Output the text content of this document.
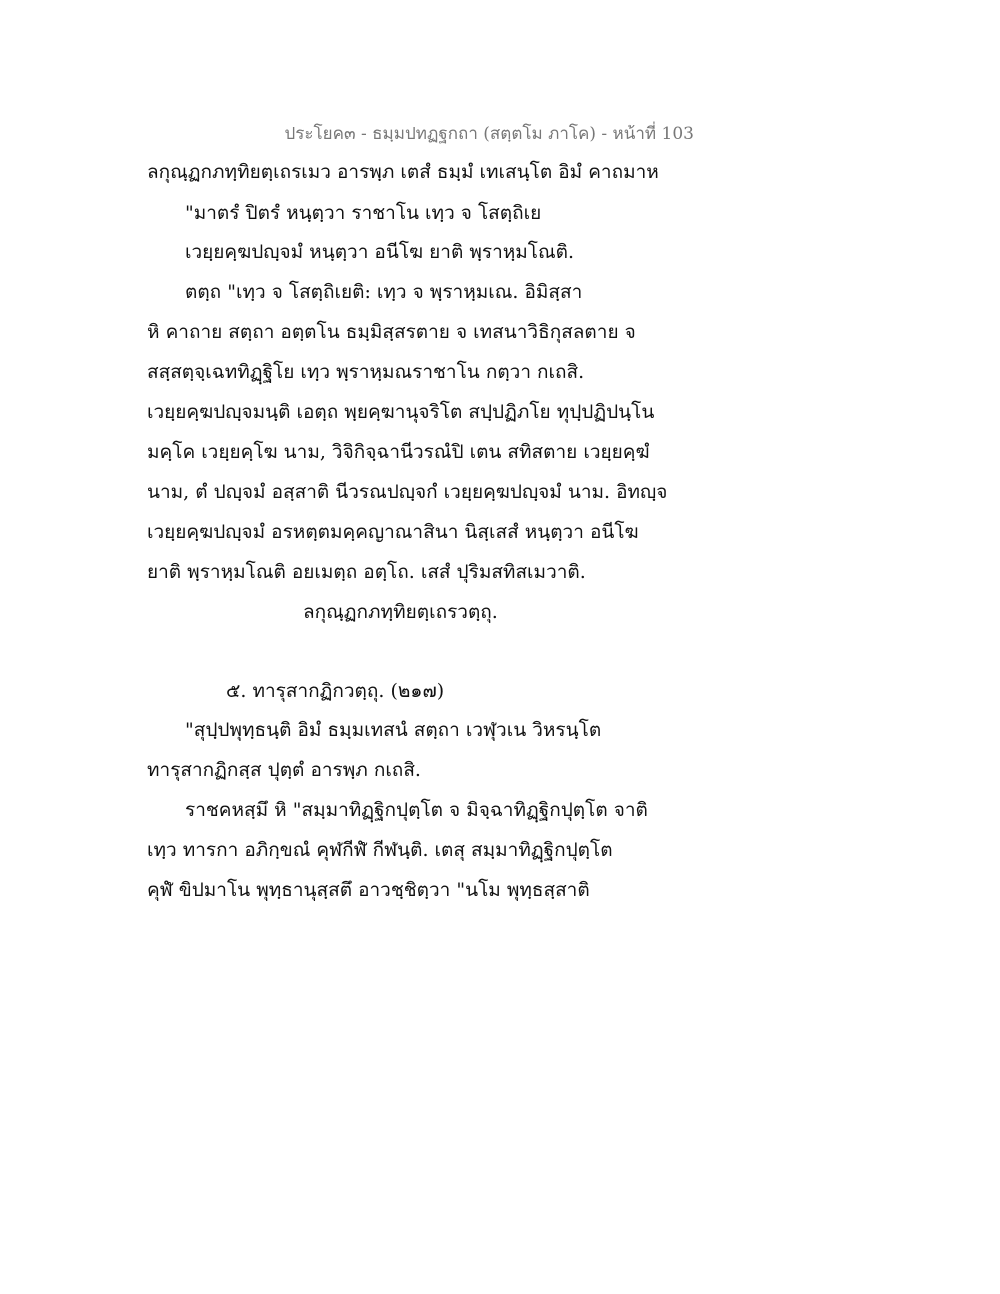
ประโยค๓ - ธมฺมปทฏฐกถา (สตฺตโม ภาโค) - หน้าที่ 103
ลกุณฺฏกภทฺทิยตฺเถรเมว อารพฺภ เตสํ ธมฺมํ เทเสนฺโต อิมํ คาถมาห
"มาตรํ ปิตรํ หนฺตฺวา ราชาโน เทฺว จ โสตฺถิเย
เวยฺยคฺฆปญฺจมํ หนฺตฺวา อนีโฆ ยาติ พฺราหฺมโณติ.
ตตฺถ "เทฺว จ โสตฺถิเยติ: เทฺว จ พฺราหฺมเณ. อิมิสฺสา
หิ คาถาย สตฺถา อตฺตโน ธมฺมิสฺสรตาย จ เทสนาวิธิกุสลตาย จ
สสฺสตฺจฺเฉททิฏฺฐิโย เทฺว พฺราหฺมณราชาโน กตฺวา กเถสิ.
เวยฺยคฺฆปญฺจมนฺติ เอตฺถ พฺยคฺฆานุจริโต สปฺปฏิภโย ทุปฺปฏิปนฺโน
มคฺโค เวยฺยคฺโฆ นาม, วิจิกิจฺฉานีวรณํปิ เตน สทิสตาย เวยฺยคฺฆํ
นาม, ตํ ปญฺจมํ อสฺสาติ นีวรณปญฺจกํ เวยฺยคฺฆปญฺจมํ นาม. อิทญฺจ
เวยฺยคฺฆปญฺจมํ อรหตฺตมคฺคญาณาสินา นิสฺเสสํ หนฺตฺวา อนีโฆ
ยาติ พฺราหฺมโณติ อยเมตฺถ อตฺโถ. เสสํ ปุริมสทิสเมวาติ.
ลกุณฺฏกภทฺทิยตฺเถรวตฺถุ.
๕. ทารุสากฏิกวตฺถุ. (๒๑๗)
"สุปฺปพุทฺธนฺติ อิมํ ธมฺมเทสนํ สตฺถา เวฬุวเน วิหรนฺโต
ทารุสากฏิกสฺส ปุตฺตํ อารพฺภ กเถสิ.
ราชคหสฺมึ หิ "สมฺมาทิฏฺฐิกปุตฺโต จ มิจฺฉาทิฏฺฐิกปุตฺโต จาติ
เทฺว ทารกา อภิกฺขณํ คุฬกีฬํ กีฬนฺติ. เตสุ สมฺมาทิฏฺฐิกปุตฺโต
คุฬํ ขิปมาโน พุทฺธานุสฺสตึ อาวชฺชิตฺวา "นโม พุทฺธสฺสาติ
